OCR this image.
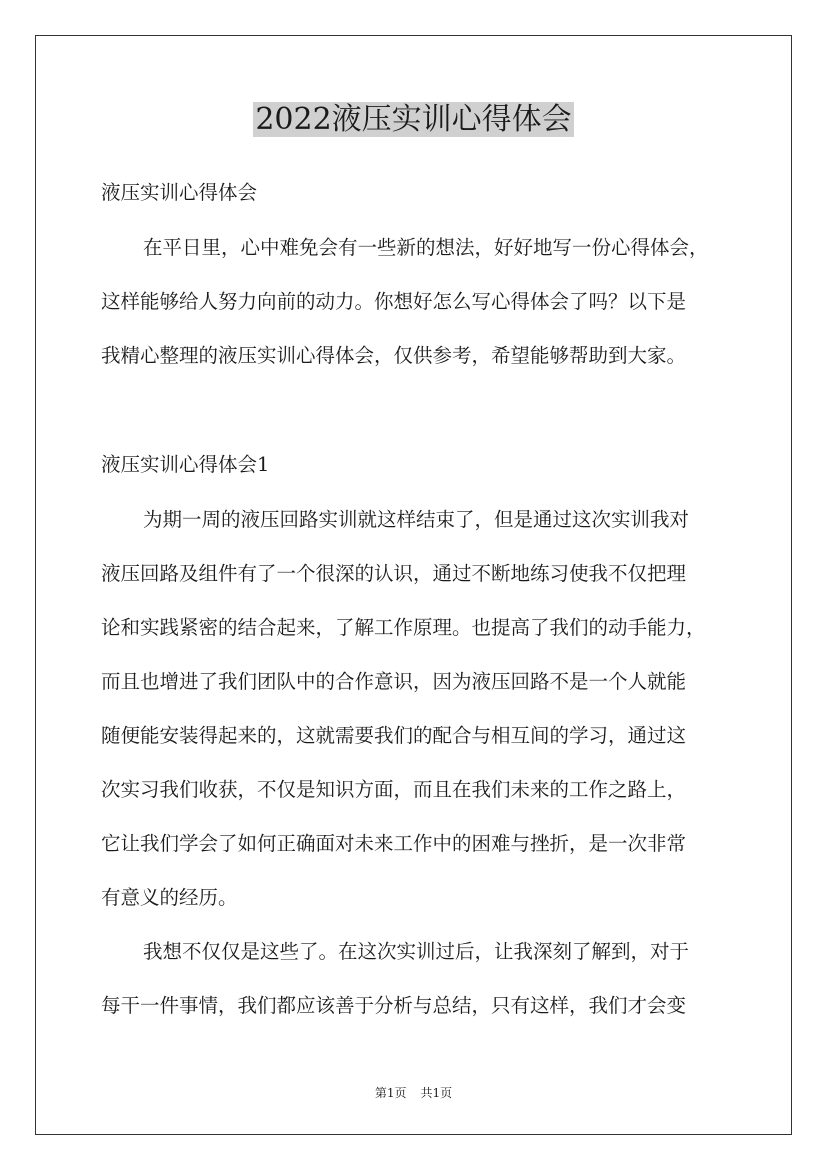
2022液压实训心得体会
液压实训心得体会
在平日里，心中难免会有一些新的想法，好好地写一份心得体会，
这样能够给人努力向前的动力。你想好怎么写心得体会了吗？以下是
我精心整理的液压实训心得体会，仅供参考，希望能够帮助到大家。
液压实训心得体会1
为期一周的液压回路实训就这样结束了，但是通过这次实训我对
液压回路及组件有了一个很深的认识，通过不断地练习使我不仅把理
论和实践紧密的结合起来，了解工作原理。也提高了我们的动手能力，
而且也增进了我们团队中的合作意识，因为液压回路不是一个人就能
随便能安装得起来的，这就需要我们的配合与相互间的学习，通过这
次实习我们收获，不仅是知识方面，而且在我们未来的工作之路上，
它让我们学会了如何正确面对未来工作中的困难与挫折，是一次非常
有意义的经历。
我想不仅仅是这些了。在这次实训过后，让我深刻了解到，对于
每干一件事情，我们都应该善于分析与总结，只有这样，我们才会变
第1页 共1页
